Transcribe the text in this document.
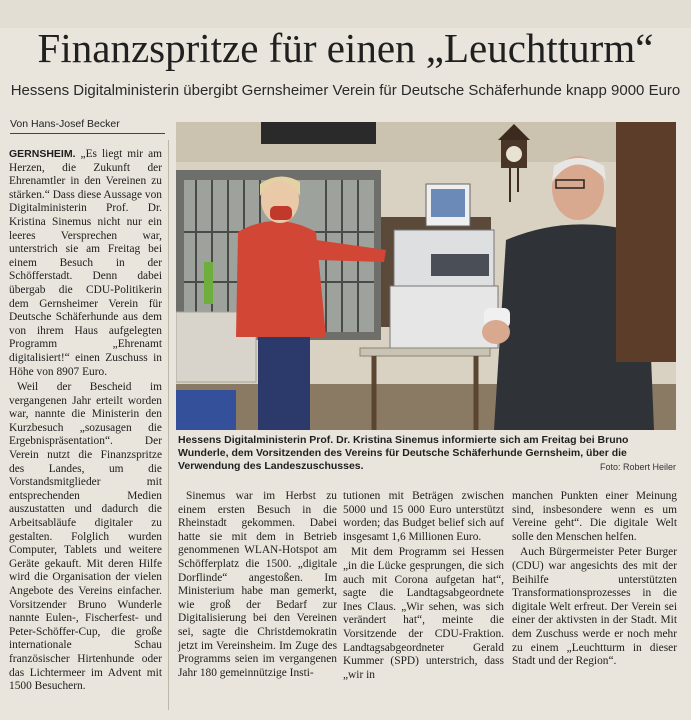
Finanzspritze für einen „Leuchtturm“
Hessens Digitalministerin übergibt Gernsheimer Verein für Deutsche Schäferhunde knapp 9000 Euro
Von Hans-Josef Becker

GERNSHEIM. „Es liegt mir am Herzen, die Zukunft der Ehrenamtler in den Vereinen zu stärken.“ Dass diese Aussage von Digitalministerin Prof. Dr. Kristina Sinemus nicht nur ein leeres Versprechen war, unterstrich sie am Freitag bei einem Besuch in der Schöfferstadt. Denn dabei übergab die CDU-Politikerin dem Gernsheimer Verein für Deutsche Schäferhunde aus dem von ihrem Haus aufgelegten Programm „Ehrenamt digitalisiert!“ einen Zuschuss in Höhe von 8907 Euro.

Weil der Bescheid im vergangenen Jahr erteilt worden war, nannte die Ministerin den Kurzbesuch „sozusagen die Ergebnispräsentation“. Der Verein nutzt die Finanzspritze des Landes, um die Vorstandsmitglieder mit entsprechenden Medien auszustatten und dadurch die Arbeitsabläufe digitaler zu gestalten. Folglich wurden Computer, Tablets und weitere Geräte gekauft. Mit deren Hilfe wird die Organisation der vielen Angebote des Vereins einfacher. Vorsitzender Bruno Wunderle nannte Eulen-, Fischerfest- und Peter-Schöffer-Cup, die große internationale Schau französischer Hirtenhunde oder das Lichtermeer im Advent mit 1500 Besuchern.

Hessens Digitalministerin Prof. Dr. Kristina Sinemus informierte sich am Freitag bei Bruno Wunderle, dem Vorsitzenden des Vereins für Deutsche Schäferhunde Gernsheim, über die Verwendung des Landeszuschusses.	Foto: Robert Heiler

Sinemus war im Herbst zu einem ersten Besuch in die Rheinstadt gekommen. Dabei hatte sie mit dem in Betrieb genommenen WLAN-Hotspot am Schöfferplatz die 1500. „digitale Dorflinde“ angestoßen. Im Ministerium habe man gemerkt, wie groß der Bedarf zur Digitalisierung bei den Vereinen sei, sagte die Christdemokratin jetzt im Vereinsheim. Im Zuge des Programms seien im vergangenen Jahr 180 gemeinnützige Insti-

tutionen mit Beträgen zwischen 5000 und 15 000 Euro unterstützt worden; das Budget belief sich auf insgesamt 1,6 Millionen Euro.

Mit dem Programm sei Hessen „in die Lücke gesprungen, die sich auch mit Corona aufgetan hat“, sagte die Landtagsabgeordnete Ines Claus. „Wir sehen, was sich verändert hat“, meinte die Vorsitzende der CDU-Fraktion. Landtagsabgeordneter Gerald Kummer (SPD) unterstrich, dass „wir in

manchen Punkten einer Meinung sind, insbesondere wenn es um Vereine geht“. Die digitale Welt solle den Menschen helfen.

Auch Bürgermeister Peter Burger (CDU) war angesichts des mit der Beihilfe unterstützten Transformationsprozesses in die digitale Welt erfreut. Der Verein sei einer der aktivsten in der Stadt. Mit dem Zuschuss werde er noch mehr zu einem „Leuchtturm in dieser Stadt und der Region“.
